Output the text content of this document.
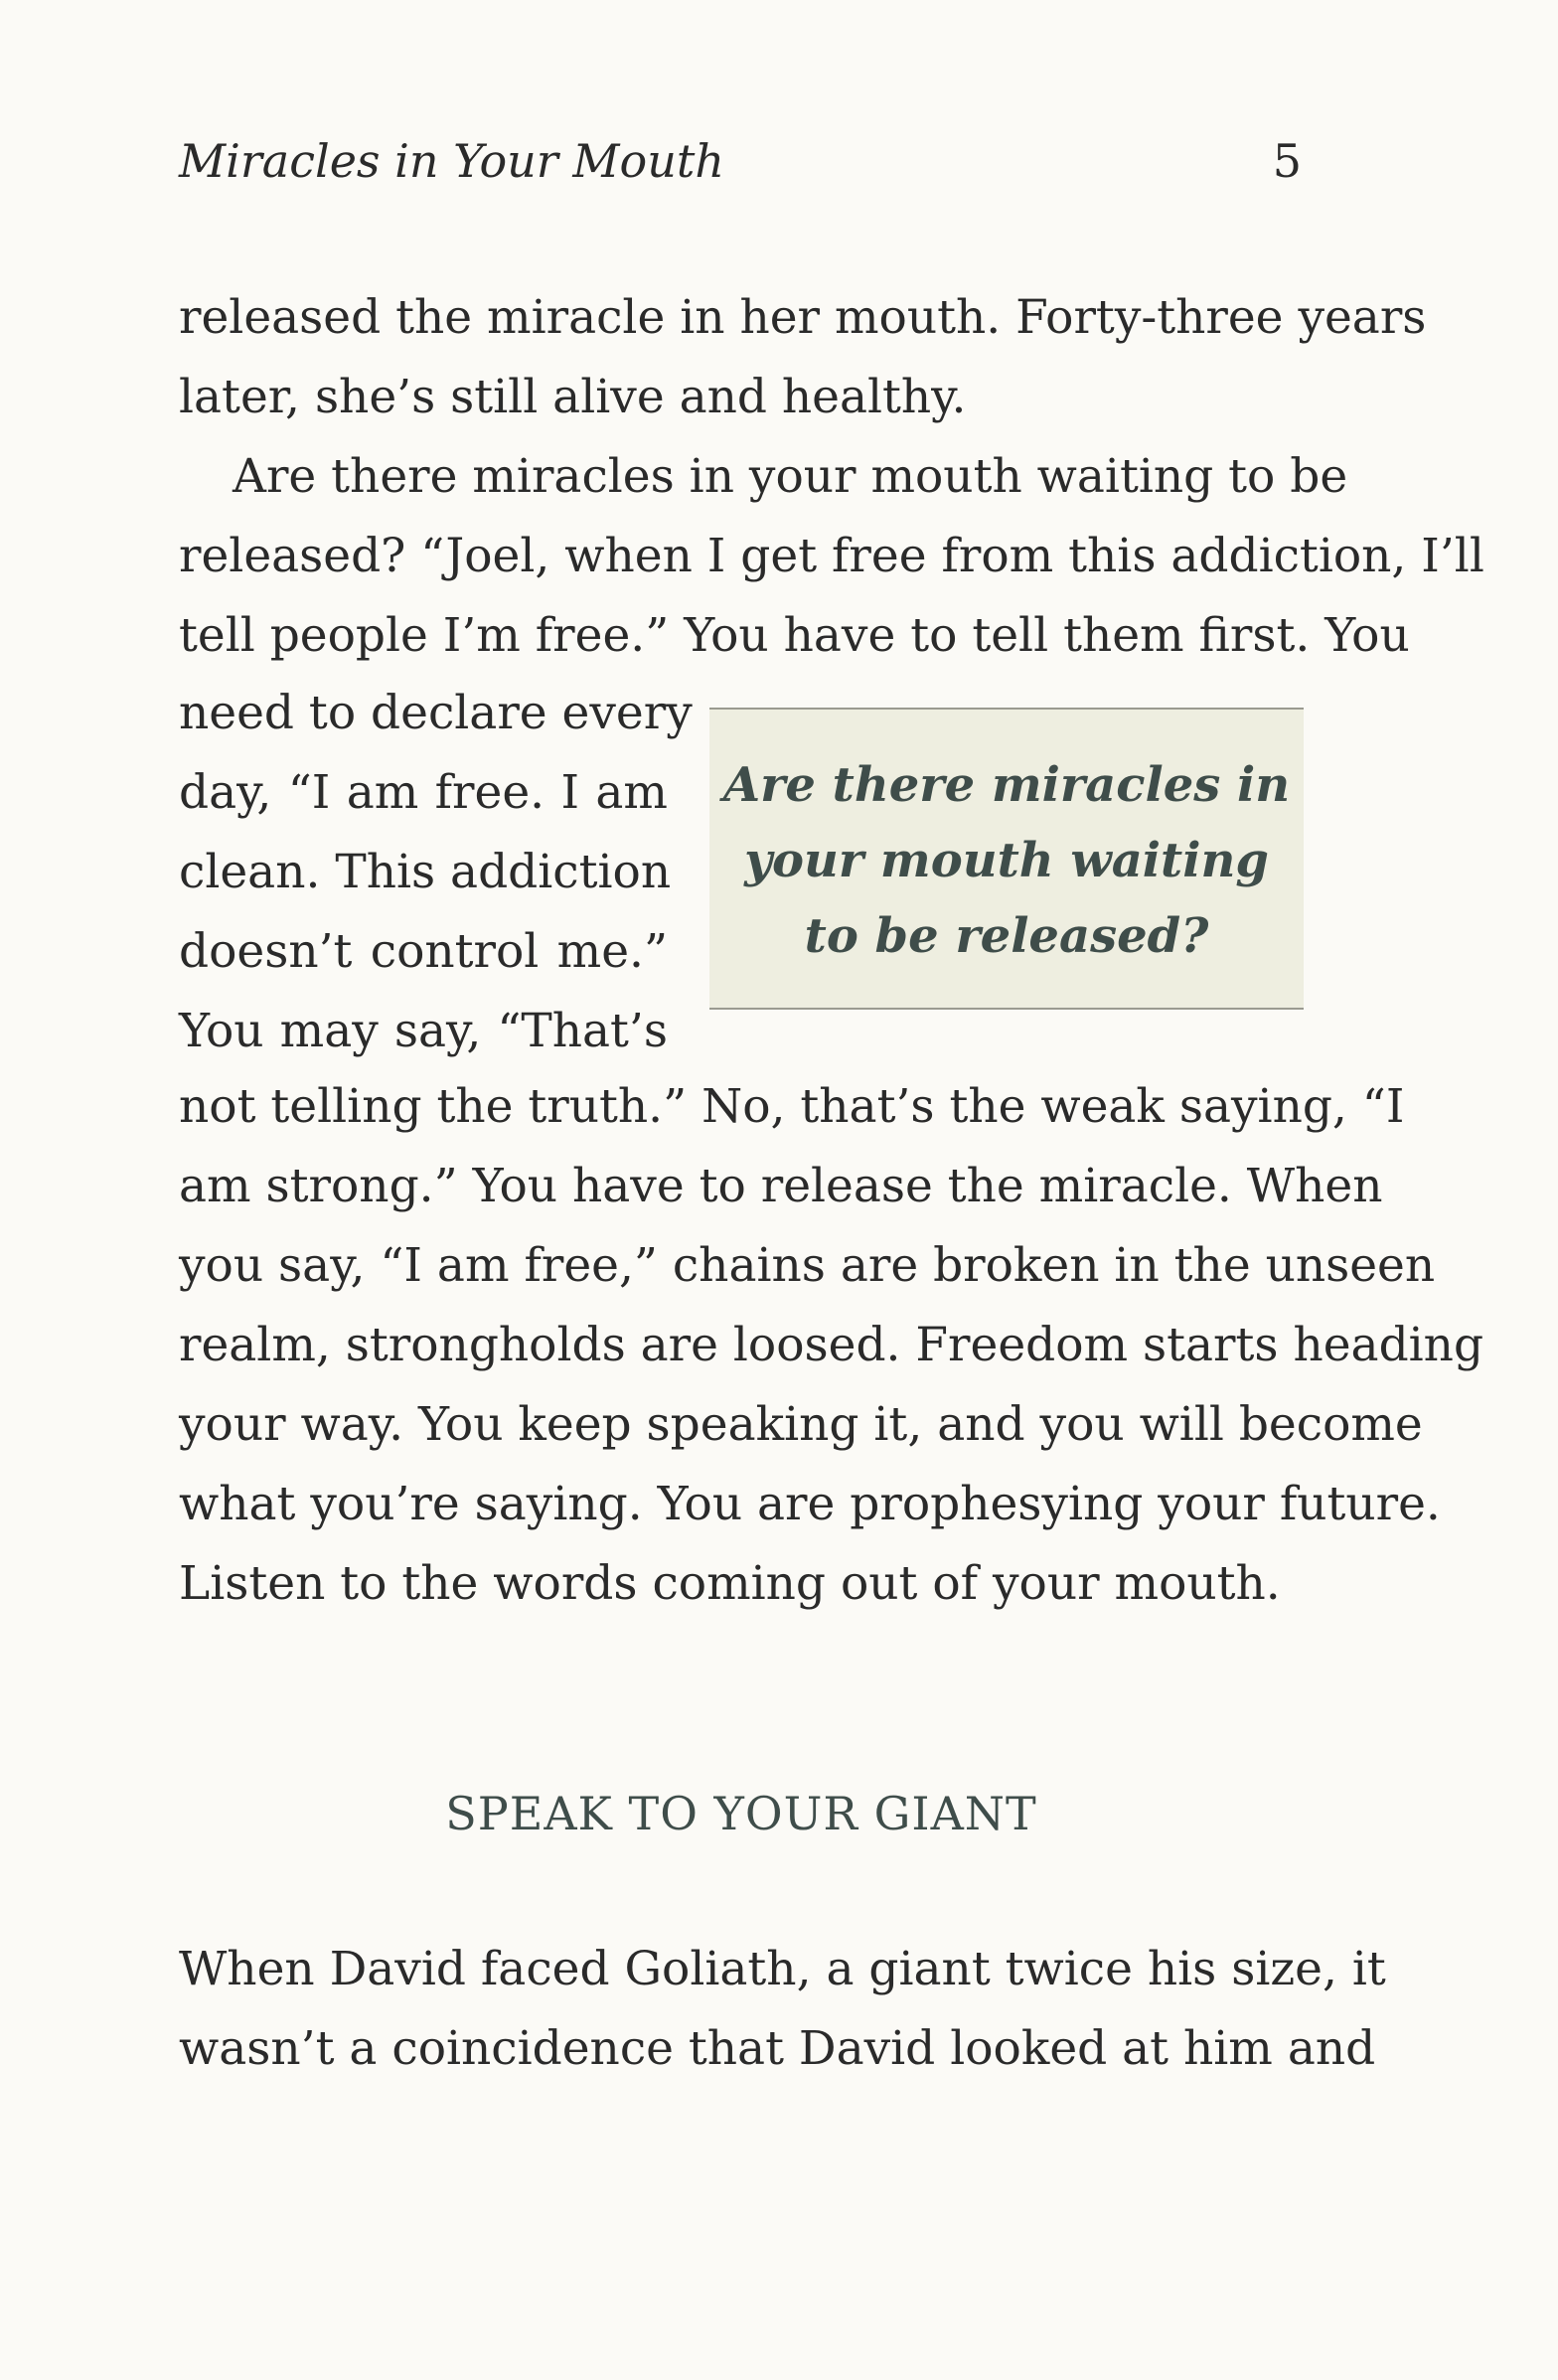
Miracles in Your Mouth	5
released the miracle in her mouth. Forty-three years
later, she’s still alive and healthy.
Are there miracles in your mouth waiting to be
released? “Joel, when I get free from this addiction, I’ll
tell people I’m free.” You have to tell them first. You
need to declare every
day, “I am free. I am
clean. This addiction
doesn’t control me.”
You may say, “That’s
Are there miracles in
your mouth waiting
to be released?
not telling the truth.” No, that’s the weak saying, “I
am strong.” You have to release the miracle. When
you say, “I am free,” chains are broken in the unseen
realm, strongholds are loosed. Freedom starts heading
your way. You keep speaking it, and you will become
what you’re saying. You are prophesying your future.
Listen to the words coming out of your mouth.
SPEAK TO YOUR GIANT
When David faced Goliath, a giant twice his size, it
wasn’t a coincidence that David looked at him and
